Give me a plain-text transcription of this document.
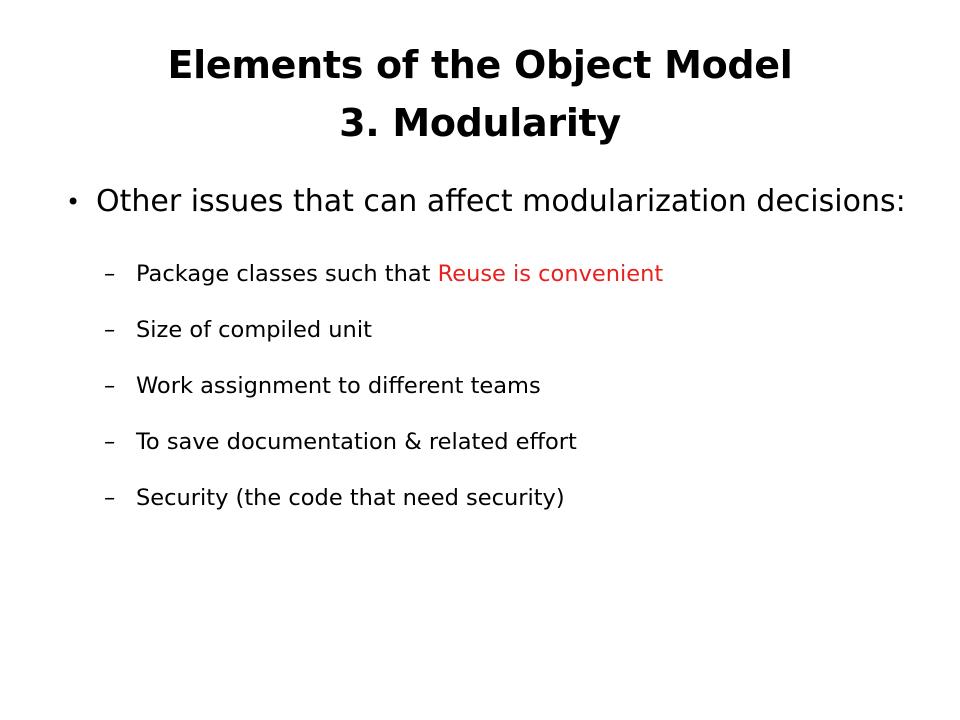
Elements of the Object Model
3. Modularity
• Other issues that can affect modularization decisions:
– Package classes such that Reuse is convenient
– Size of compiled unit
– Work assignment to different teams
– To save documentation & related effort
– Security (the code that need security)
